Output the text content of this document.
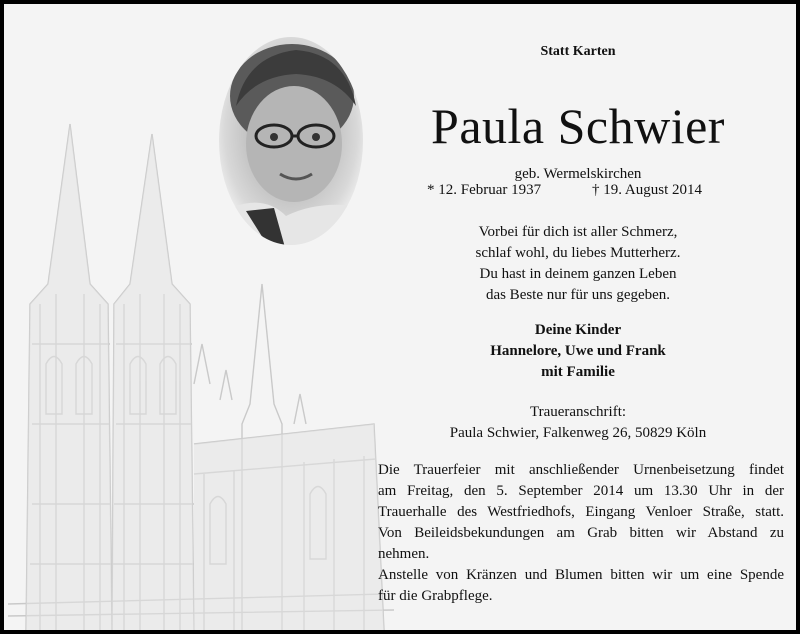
Statt Karten
Paula Schwier
geb. Wermelskirchen
* 12. Februar 1937	† 19. August 2014
Vorbei für dich ist aller Schmerz,
schlaf wohl, du liebes Mutterherz.
Du hast in deinem ganzen Leben
das Beste nur für uns gegeben.
Deine Kinder
Hannelore, Uwe und Frank
mit Familie
Traueranschrift:
Paula Schwier, Falkenweg 26, 50829 Köln
Die Trauerfeier mit anschließender Urnenbeisetzung findet
am Freitag, den 5. September 2014 um 13.30 Uhr in der
Trauerhalle des Westfriedhofs, Eingang Venloer Straße, statt.
Von Beileidsbekundungen am Grab bitten wir Abstand zu
nehmen.
Anstelle von Kränzen und Blumen bitten wir um eine Spende
für die Grabpflege.
